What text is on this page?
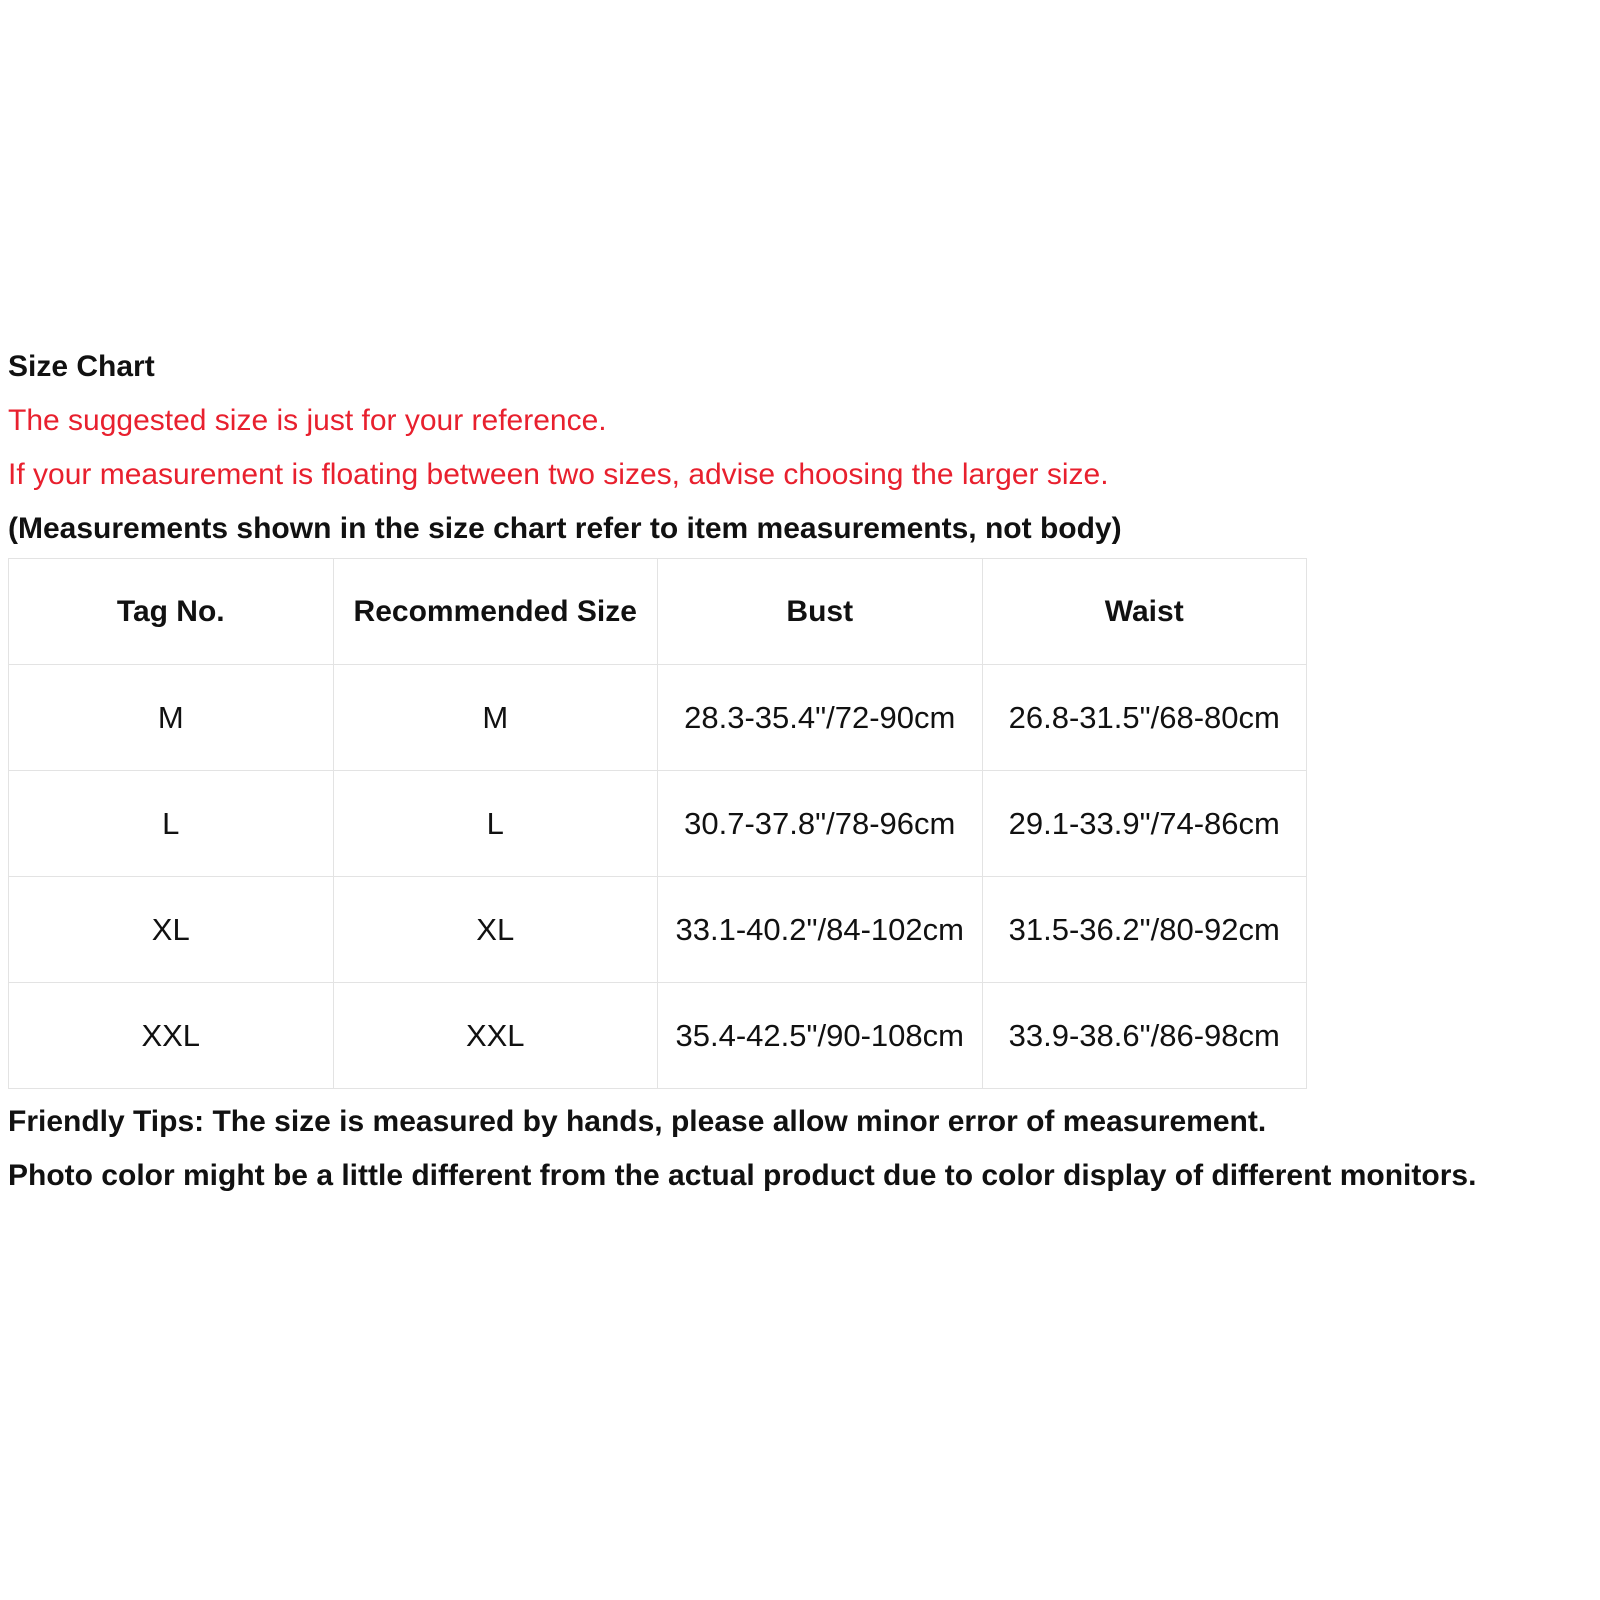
Size Chart

The suggested size is just for your reference.

If your measurement is floating between two sizes, advise choosing the larger size.

(Measurements shown in the size chart refer to item measurements, not body)

Tag No.	Recommended Size	Bust	Waist
M	M	28.3-35.4"/72-90cm	26.8-31.5"/68-80cm
L	L	30.7-37.8"/78-96cm	29.1-33.9"/74-86cm
XL	XL	33.1-40.2"/84-102cm	31.5-36.2"/80-92cm
XXL	XXL	35.4-42.5"/90-108cm	33.9-38.6"/86-98cm

Friendly Tips: The size is measured by hands, please allow minor error of measurement.

Photo color might be a little different from the actual product due to color display of different monitors.
